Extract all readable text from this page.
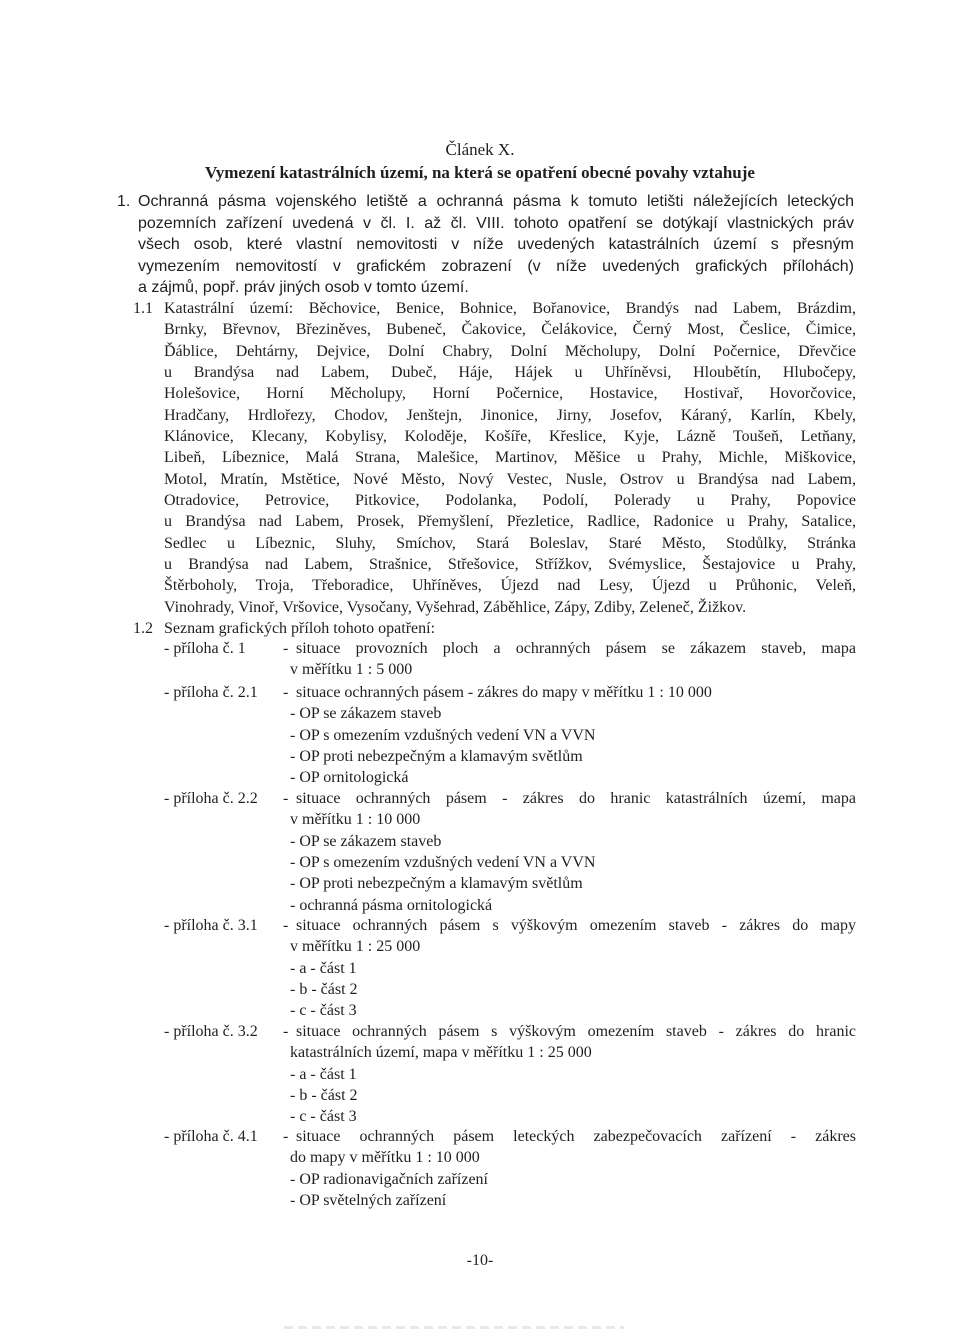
Článek X.
Vymezení katastrálních území, na která se opatření obecné povahy vztahuje
1. Ochranná pásma vojenského letiště a ochranná pásma k tomuto letišti náležejících leteckých
pozemních zařízení uvedená v čl. I. až čl. VIII. tohoto opatření se dotýkají vlastnických práv
všech osob, které vlastní nemovitosti v níže uvedených katastrálních území s přesným
vymezením nemovitostí v grafickém zobrazení (v níže uvedených grafických přílohách)
a zájmů, popř. práv jiných osob v tomto území.
1.1 Katastrální území: Běchovice, Benice, Bohnice, Bořanovice, Brandýs nad Labem, Brázdim,
Brnky, Břevnov, Březiněves, Bubeneč, Čakovice, Čelákovice, Černý Most, Česlice, Čimice,
Ďáblice, Dehtárny, Dejvice, Dolní Chabry, Dolní Měcholupy, Dolní Počernice, Dřevčice
u Brandýsa nad Labem, Dubeč, Háje, Hájek u Uhříněvsi, Hloubětín, Hlubočepy,
Holešovice, Horní Měcholupy, Horní Počernice, Hostavice, Hostivař, Hovorčovice,
Hradčany, Hrdlořezy, Chodov, Jenštejn, Jinonice, Jirny, Josefov, Káraný, Karlín, Kbely,
Klánovice, Klecany, Kobylisy, Koloděje, Košíře, Křeslice, Kyje, Lázně Toušeň, Letňany,
Libeň, Líbeznice, Malá Strana, Malešice, Martinov, Měšice u Prahy, Michle, Miškovice,
Motol, Mratín, Mstětice, Nové Město, Nový Vestec, Nusle, Ostrov u Brandýsa nad Labem,
Otradovice, Petrovice, Pitkovice, Podolanka, Podolí, Polerady u Prahy, Popovice
u Brandýsa nad Labem, Prosek, Přemyšlení, Přezletice, Radlice, Radonice u Prahy, Satalice,
Sedlec u Líbeznic, Sluhy, Smíchov, Stará Boleslav, Staré Město, Stodůlky, Stránka
u Brandýsa nad Labem, Strašnice, Střešovice, Střížkov, Svémyslice, Šestajovice u Prahy,
Štěrboholy, Troja, Třeboradice, Uhříněves, Újezd nad Lesy, Újezd u Průhonic, Veleň,
Vinohrady, Vinoř, Vršovice, Vysočany, Vyšehrad, Záběhlice, Zápy, Zdiby, Zeleneč, Žižkov.
1.2 Seznam grafických příloh tohoto opatření:
- příloha č. 1 - situace provozních ploch a ochranných pásem se zákazem staveb, mapa
v měřítku 1 : 5 000
- příloha č. 2.1 - situace ochranných pásem - zákres do mapy v měřítku 1 : 10 000
- OP se zákazem staveb
- OP s omezením vzdušných vedení VN a VVN
- OP proti nebezpečným a klamavým světlům
- OP ornitologická
- příloha č. 2.2 - situace ochranných pásem - zákres do hranic katastrálních území, mapa
v měřítku 1 : 10 000
- OP se zákazem staveb
- OP s omezením vzdušných vedení VN a VVN
- OP proti nebezpečným a klamavým světlům
- ochranná pásma ornitologická
- příloha č. 3.1 - situace ochranných pásem s výškovým omezením staveb - zákres do mapy
v měřítku 1 : 25 000
- a - část 1
- b - část 2
- c - část 3
- příloha č. 3.2 - situace ochranných pásem s výškovým omezením staveb - zákres do hranic
katastrálních území, mapa v měřítku 1 : 25 000
- a - část 1
- b - část 2
- c - část 3
- příloha č. 4.1 - situace ochranných pásem leteckých zabezpečovacích zařízení - zákres
do mapy v měřítku 1 : 10 000
- OP radionavigačních zařízení
- OP světelných zařízení
-10-
